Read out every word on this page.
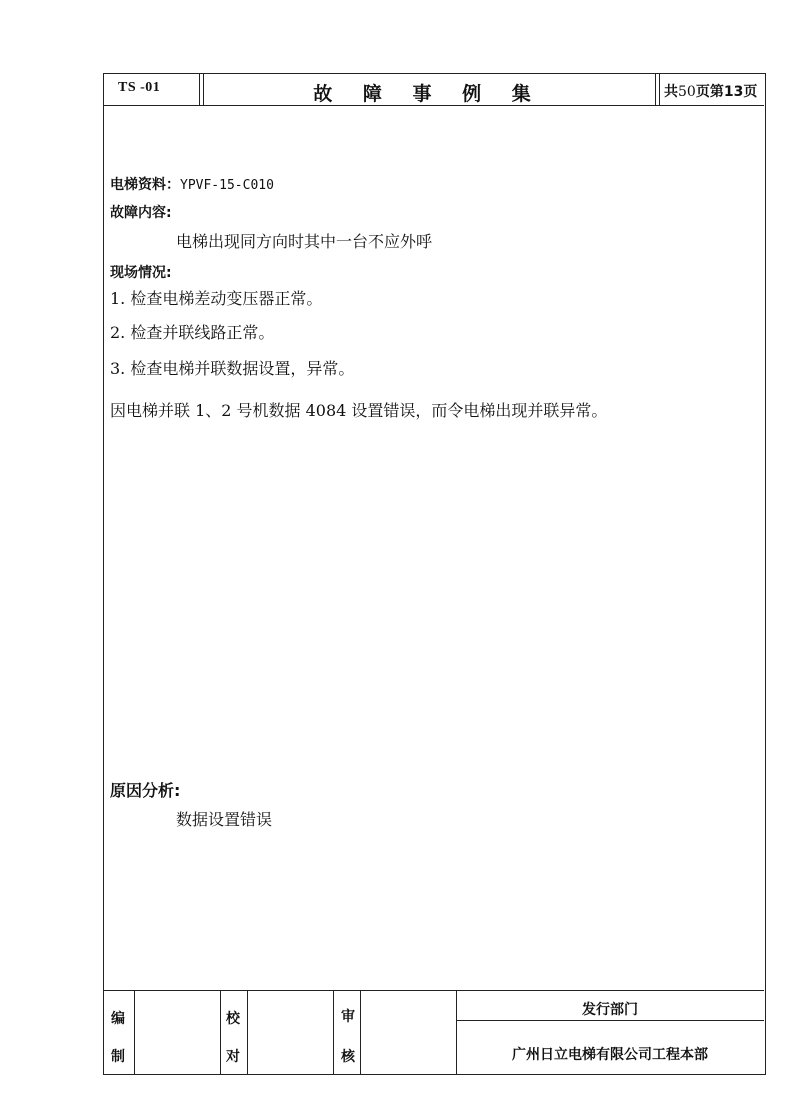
TS -01	故 障 事 例 集	共50页第13页
电梯资料：YPVF-15-C010
故障内容:
电梯出现同方向时其中一台不应外呼
现场情况:
1. 检查电梯差动变压器正常。
2. 检查并联线路正常。
3. 检查电梯并联数据设置，异常。
因电梯并联 1、2 号机数据 4084 设置错误，而令电梯出现并联异常。
原因分析:
数据设置错误
编
制
校
对
审
核
发行部门
广州日立电梯有限公司工程本部
